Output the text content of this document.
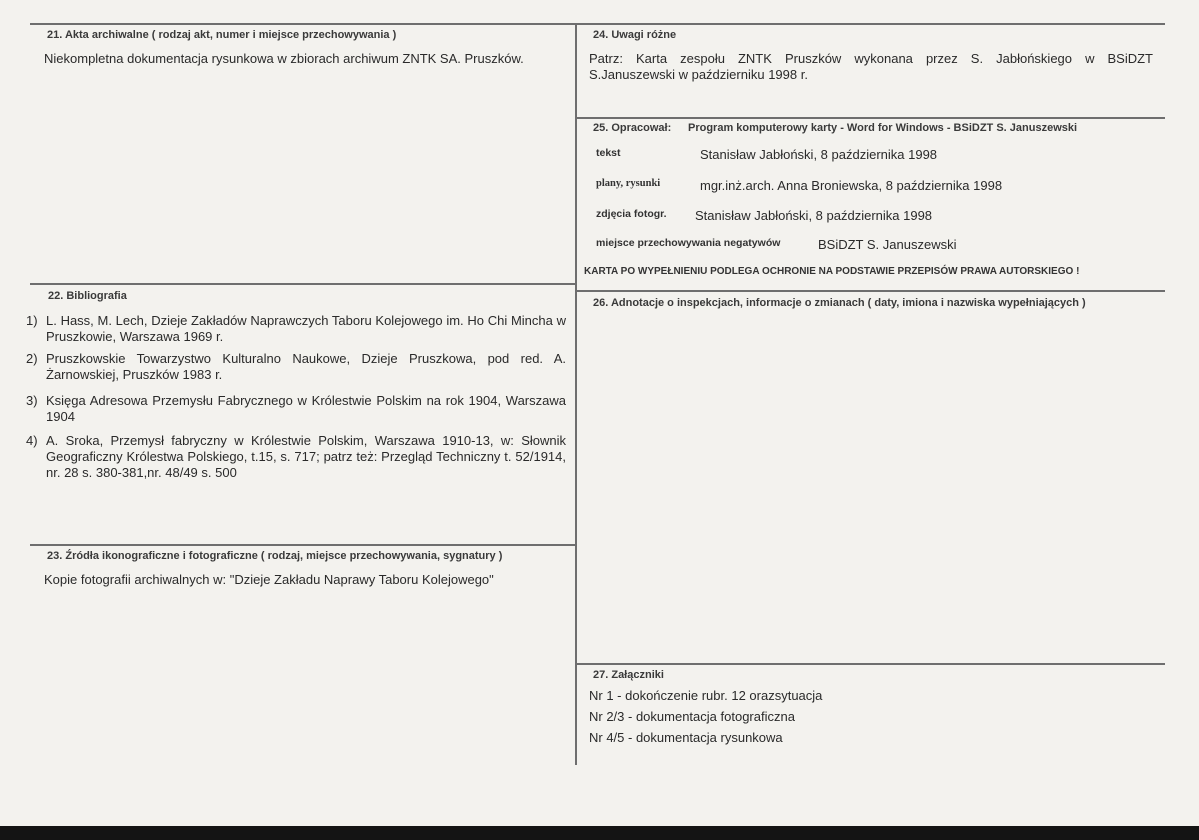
21. Akta archiwalne ( rodzaj akt, numer i miejsce przechowywania )
Niekompletna dokumentacja rysunkowa w zbiorach archiwum ZNTK SA. Pruszków.
24. Uwagi różne
Patrz: Karta zespołu ZNTK Pruszków wykonana przez S. Jabłońskiego w BSiDZT
S.Januszewski w październiku 1998 r.
25. Opracował: Program komputerowy karty - Word for Windows - BSiDZT S. Januszewski
tekst	Stanisław Jabłoński, 8 października 1998
plany, rysunki	mgr.inż.arch. Anna Broniewska, 8 października 1998
zdjęcia fotogr. Stanisław Jabłoński, 8 października 1998
miejsce przechowywania negatywów	BSiDZT S. Januszewski
KARTA PO WYPEŁNIENIU PODLEGA OCHRONIE NA PODSTAWIE PRZEPISÓW PRAWA AUTORSKIEGO !
22. Bibliografia
1) L. Hass, M. Lech, Dzieje Zakładów Naprawczych Taboru Kolejowego im. Ho Chi Mincha w Pruszkowie, Warszawa 1969 r.
2) Pruszkowskie Towarzystwo Kulturalno Naukowe, Dzieje Pruszkowa, pod red. A. Żarnowskiej, Pruszków 1983 r.
3) Księga Adresowa Przemysłu Fabrycznego w Królestwie Polskim na rok 1904, Warszawa 1904
4) A. Sroka, Przemysł fabryczny w Królestwie Polskim, Warszawa 1910-13, w: Słownik Geograficzny Królestwa Polskiego, t.15, s. 717; patrz też: Przegląd Techniczny t. 52/1914, nr. 28 s. 380-381,nr. 48/49 s. 500
26. Adnotacje o inspekcjach, informacje o zmianach ( daty, imiona i nazwiska wypełniających )
23. Źródła ikonograficzne i fotograficzne ( rodzaj, miejsce przechowywania, sygnatury )
Kopie fotografii archiwalnych w: "Dzieje Zakładu Naprawy Taboru Kolejowego"
27. Załączniki
Nr 1 - dokończenie rubr. 12 orazsytuacja
Nr 2/3 - dokumentacja fotograficzna
Nr 4/5 - dokumentacja rysunkowa
